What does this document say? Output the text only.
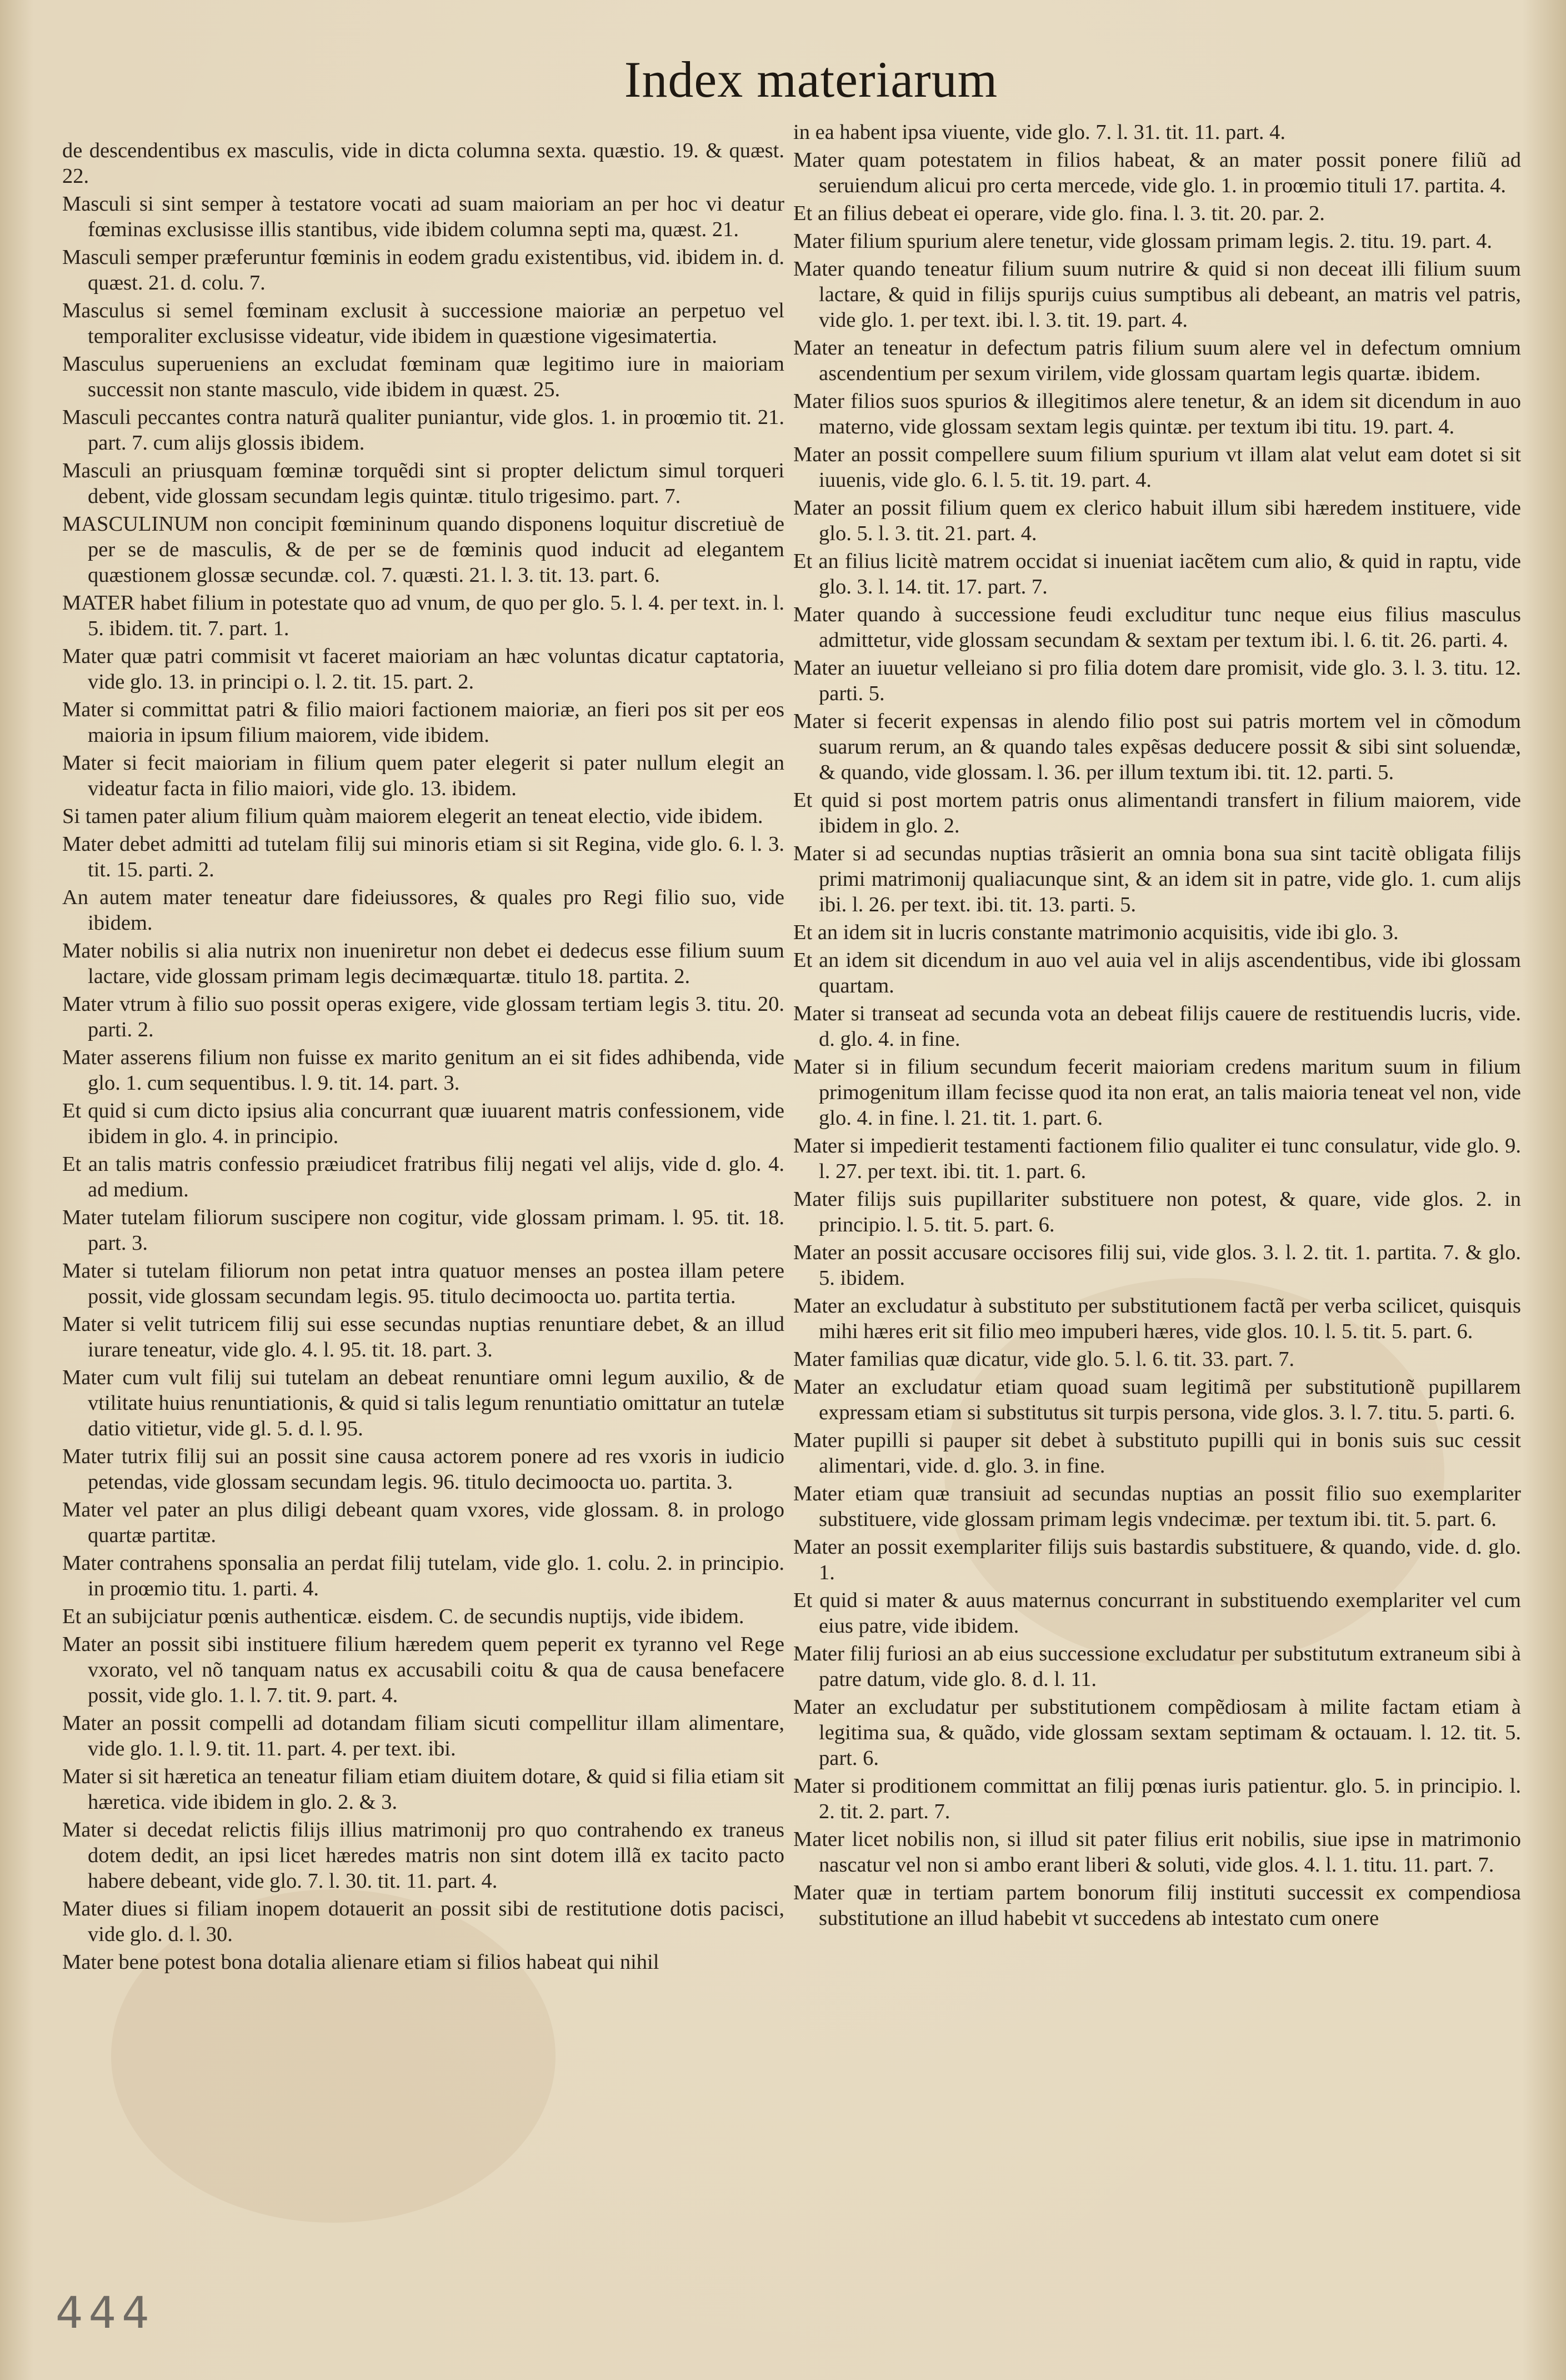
Index materiarum

de descendentibus ex masculis, vide in dicta columna sexta. quæstio. 19. & quæst. 22.

Masculi si sint semper à testatore vocati ad suam maioriam an per hoc vi deatur fœminas exclusisse illis stantibus, vide ibidem columna septi ma, quæst. 21.

Masculi semper præferuntur fœminis in eodem gradu existentibus, vid. ibidem in. d. quæst. 21. d. colu. 7.

Masculus si semel fœminam exclusit à successione maioriæ an perpetuo vel temporaliter exclusisse videatur, vide ibidem in quæstione vigesimatertia.

Masculus superueniens an excludat fœminam quæ legitimo iure in maioriam successit non stante masculo, vide ibidem in quæst. 25.

Masculi peccantes contra naturã qualiter puniantur, vide glos. 1. in proœmio tit. 21. part. 7. cum alijs glossis ibidem.

Masculi an priusquam fœminæ torquẽdi sint si propter delictum simul torqueri debent, vide glossam secundam legis quintæ. titulo trigesimo. part. 7.

MASCULINUM non concipit fœmininum quando disponens loquitur discretiuè de per se de masculis, & de per se de fœminis quod inducit ad elegantem quæstionem glossæ secundæ. col. 7. quæsti. 21. l. 3. tit. 13. part. 6.

MATER habet filium in potestate quo ad vnum, de quo per glo. 5. l. 4. per text. in. l. 5. ibidem. tit. 7. part. 1.

Mater quæ patri commisit vt faceret maioriam an hæc voluntas dicatur captatoria, vide glo. 13. in principi o. l. 2. tit. 15. part. 2.

Mater si committat patri & filio maiori factionem maioriæ, an fieri pos sit per eos maioria in ipsum filium maiorem, vide ibidem.

Mater si fecit maioriam in filium quem pater elegerit si pater nullum elegit an videatur facta in filio maiori, vide glo. 13. ibidem.

Si tamen pater alium filium quàm maiorem elegerit an teneat electio, vide ibidem.

Mater debet admitti ad tutelam filij sui minoris etiam si sit Regina, vide glo. 6. l. 3. tit. 15. parti. 2.

An autem mater teneatur dare fideiussores, & quales pro Regi filio suo, vide ibidem.

Mater nobilis si alia nutrix non inueniretur non debet ei dedecus esse filium suum lactare, vide glossam primam legis decimæquartæ. titulo 18. partita. 2.

Mater vtrum à filio suo possit operas exigere, vide glossam tertiam legis 3. titu. 20. parti. 2.

Mater asserens filium non fuisse ex marito genitum an ei sit fides adhibenda, vide glo. 1. cum sequentibus. l. 9. tit. 14. part. 3.

Et quid si cum dicto ipsius alia concurrant quæ iuuarent matris confessionem, vide ibidem in glo. 4. in principio.

Et an talis matris confessio præiudicet fratribus filij negati vel alijs, vide d. glo. 4. ad medium.

Mater tutelam filiorum suscipere non cogitur, vide glossam primam. l. 95. tit. 18. part. 3.

Mater si tutelam filiorum non petat intra quatuor menses an postea illam petere possit, vide glossam secundam legis. 95. titulo decimoocta uo. partita tertia.

Mater si velit tutricem filij sui esse secundas nuptias renuntiare debet, & an illud iurare teneatur, vide glo. 4. l. 95. tit. 18. part. 3.

Mater cum vult filij sui tutelam an debeat renuntiare omni legum auxilio, & de vtilitate huius renuntiationis, & quid si talis legum renuntiatio omittatur an tutelæ datio vitietur, vide gl. 5. d. l. 95.

Mater tutrix filij sui an possit sine causa actorem ponere ad res vxoris in iudicio petendas, vide glossam secundam legis. 96. titulo decimoocta uo. partita. 3.

Mater vel pater an plus diligi debeant quam vxores, vide glossam. 8. in prologo quartæ partitæ.

Mater contrahens sponsalia an perdat filij tutelam, vide glo. 1. colu. 2. in principio. in proœmio titu. 1. parti. 4.

Et an subijciatur pœnis authenticæ. eisdem. C. de secundis nuptijs, vide ibidem.

Mater an possit sibi instituere filium hæredem quem peperit ex tyranno vel Rege vxorato, vel nõ tanquam natus ex accusabili coitu & qua de causa benefacere possit, vide glo. 1. l. 7. tit. 9. part. 4.

Mater an possit compelli ad dotandam filiam sicuti compellitur illam alimentare, vide glo. 1. l. 9. tit. 11. part. 4. per text. ibi.

Mater si sit hæretica an teneatur filiam etiam diuitem dotare, & quid si filia etiam sit hæretica. vide ibidem in glo. 2. & 3.

Mater si decedat relictis filijs illius matrimonij pro quo contrahendo ex traneus dotem dedit, an ipsi licet hæredes matris non sint dotem illã ex tacito pacto habere debeant, vide glo. 7. l. 30. tit. 11. part. 4.

Mater diues si filiam inopem dotauerit an possit sibi de restitutione dotis pacisci, vide glo. d. l. 30.

Mater bene potest bona dotalia alienare etiam si filios habeat qui nihil

in ea habent ipsa viuente, vide glo. 7. l. 31. tit. 11. part. 4.

Mater quam potestatem in filios habeat, & an mater possit ponere filiũ ad seruiendum alicui pro certa mercede, vide glo. 1. in proœmio tituli 17. partita. 4.

Et an filius debeat ei operare, vide glo. fina. l. 3. tit. 20. par. 2.

Mater filium spurium alere tenetur, vide glossam primam legis. 2. titu. 19. part. 4.

Mater quando teneatur filium suum nutrire & quid si non deceat illi filium suum lactare, & quid in filijs spurijs cuius sumptibus ali debeant, an matris vel patris, vide glo. 1. per text. ibi. l. 3. tit. 19. part. 4.

Mater an teneatur in defectum patris filium suum alere vel in defectum omnium ascendentium per sexum virilem, vide glossam quartam legis quartæ. ibidem.

Mater filios suos spurios & illegitimos alere tenetur, & an idem sit dicendum in auo materno, vide glossam sextam legis quintæ. per textum ibi titu. 19. part. 4.

Mater an possit compellere suum filium spurium vt illam alat velut eam dotet si sit iuuenis, vide glo. 6. l. 5. tit. 19. part. 4.

Mater an possit filium quem ex clerico habuit illum sibi hæredem instituere, vide glo. 5. l. 3. tit. 21. part. 4.

Et an filius licitè matrem occidat si inueniat iacẽtem cum alio, & quid in raptu, vide glo. 3. l. 14. tit. 17. part. 7.

Mater quando à successione feudi excluditur tunc neque eius filius masculus admittetur, vide glossam secundam & sextam per textum ibi. l. 6. tit. 26. parti. 4.

Mater an iuuetur velleiano si pro filia dotem dare promisit, vide glo. 3. l. 3. titu. 12. parti. 5.

Mater si fecerit expensas in alendo filio post sui patris mortem vel in cõmodum suarum rerum, an & quando tales expẽsas deducere possit & sibi sint soluendæ, & quando, vide glossam. l. 36. per illum textum ibi. tit. 12. parti. 5.

Et quid si post mortem patris onus alimentandi transfert in filium maiorem, vide ibidem in glo. 2.

Mater si ad secundas nuptias trãsierit an omnia bona sua sint tacitè obligata filijs primi matrimonij qualiacunque sint, & an idem sit in patre, vide glo. 1. cum alijs ibi. l. 26. per text. ibi. tit. 13. parti. 5.

Et an idem sit in lucris constante matrimonio acquisitis, vide ibi glo. 3.

Et an idem sit dicendum in auo vel auia vel in alijs ascendentibus, vide ibi glossam quartam.

Mater si transeat ad secunda vota an debeat filijs cauere de restituendis lucris, vide. d. glo. 4. in fine.

Mater si in filium secundum fecerit maioriam credens maritum suum in filium primogenitum illam fecisse quod ita non erat, an talis maioria teneat vel non, vide glo. 4. in fine. l. 21. tit. 1. part. 6.

Mater si impedierit testamenti factionem filio qualiter ei tunc consulatur, vide glo. 9. l. 27. per text. ibi. tit. 1. part. 6.

Mater filijs suis pupillariter substituere non potest, & quare, vide glos. 2. in principio. l. 5. tit. 5. part. 6.

Mater an possit accusare occisores filij sui, vide glos. 3. l. 2. tit. 1. partita. 7. & glo. 5. ibidem.

Mater an excludatur à substituto per substitutionem factã per verba scilicet, quisquis mihi hæres erit sit filio meo impuberi hæres, vide glos. 10. l. 5. tit. 5. part. 6.

Mater familias quæ dicatur, vide glo. 5. l. 6. tit. 33. part. 7.

Mater an excludatur etiam quoad suam legitimã per substitutionẽ pupillarem expressam etiam si substitutus sit turpis persona, vide glos. 3. l. 7. titu. 5. parti. 6.

Mater pupilli si pauper sit debet à substituto pupilli qui in bonis suis suc cessit alimentari, vide. d. glo. 3. in fine.

Mater etiam quæ transiuit ad secundas nuptias an possit filio suo exemplariter substituere, vide glossam primam legis vndecimæ. per textum ibi. tit. 5. part. 6.

Mater an possit exemplariter filijs suis bastardis substituere, & quando, vide. d. glo. 1.

Et quid si mater & auus maternus concurrant in substituendo exemplariter vel cum eius patre, vide ibidem.

Mater filij furiosi an ab eius successione excludatur per substitutum extraneum sibi à patre datum, vide glo. 8. d. l. 11.

Mater an excludatur per substitutionem compẽdiosam à milite factam etiam à legitima sua, & quãdo, vide glossam sextam septimam & octauam. l. 12. tit. 5. part. 6.

Mater si proditionem committat an filij pœnas iuris patientur. glo. 5. in principio. l. 2. tit. 2. part. 7.

Mater licet nobilis non, si illud sit pater filius erit nobilis, siue ipse in matrimonio nascatur vel non si ambo erant liberi & soluti, vide glos. 4. l. 1. titu. 11. part. 7.

Mater quæ in tertiam partem bonorum filij instituti successit ex compendiosa substitutione an illud habebit vt succedens ab intestato cum onere

444
